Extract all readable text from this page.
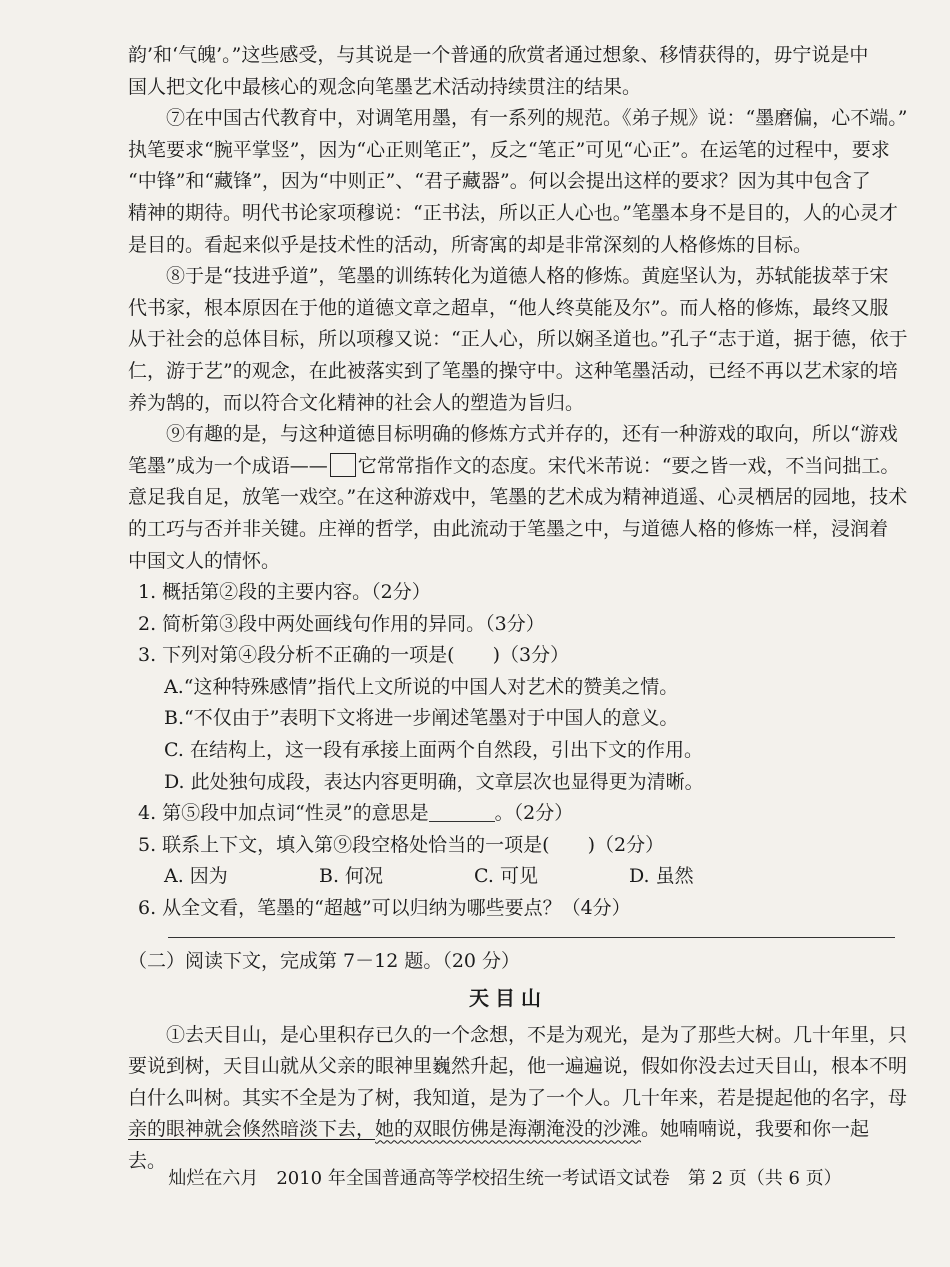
韵’和‘气魄’。”这些感受，与其说是一个普通的欣赏者通过想象、移情获得的，毋宁说是中
国人把文化中最核心的观念向笔墨艺术活动持续贯注的结果。
⑦在中国古代教育中，对调笔用墨，有一系列的规范。《弟子规》说：“墨磨偏，心不端。”
执笔要求“腕平掌竖”，因为“心正则笔正”，反之“笔正”可见“心正”。在运笔的过程中，要求
“中锋”和“藏锋”，因为“中则正”、“君子藏器”。何以会提出这样的要求？因为其中包含了
精神的期待。明代书论家项穆说：“正书法，所以正人心也。”笔墨本身不是目的，人的心灵才
是目的。看起来似乎是技术性的活动，所寄寓的却是非常深刻的人格修炼的目标。
⑧于是“技进乎道”，笔墨的训练转化为道德人格的修炼。黄庭坚认为，苏轼能拔萃于宋
代书家，根本原因在于他的道德文章之超卓，“他人终莫能及尔”。而人格的修炼，最终又服
从于社会的总体目标，所以项穆又说：“正人心，所以娴圣道也。”孔子“志于道，据于德，依于
仁，游于艺”的观念，在此被落实到了笔墨的操守中。这种笔墨活动，已经不再以艺术家的培
养为鹄的，而以符合文化精神的社会人的塑造为旨归。
⑨有趣的是，与这种道德目标明确的修炼方式并存的，还有一种游戏的取向，所以“游戏
笔墨”成为一个成语—— 它常常指作文的态度。宋代米芾说：“要之皆一戏，不当问拙工。
意足我自足，放笔一戏空。”在这种游戏中，笔墨的艺术成为精神逍遥、心灵栖居的园地，技术
的工巧与否并非关键。庄禅的哲学，由此流动于笔墨之中，与道德人格的修炼一样，浸润着
中国文人的情怀。
1. 概括第②段的主要内容。（2分）
2. 简析第③段中两处画线句作用的异同。（3分）
3. 下列对第④段分析不正确的一项是(　　)（3分）
A.“这种特殊感情”指代上文所说的中国人对艺术的赞美之情。
B.“不仅由于”表明下文将进一步阐述笔墨对于中国人的意义。
C. 在结构上，这一段有承接上面两个自然段，引出下文的作用。
D. 此处独句成段，表达内容更明确，文章层次也显得更为清晰。
4. 第⑤段中加点词“性灵”的意思是	。（2分）
5. 联系上下文，填入第⑨段空格处恰当的一项是(　　)（2分）
A. 因为	B. 何况	C. 可见	D. 虽然
6. 从全文看，笔墨的“超越”可以归纳为哪些要点？（4分）
（二）阅读下文，完成第 7－12 题。（20 分）
天目山
①去天目山，是心里积存已久的一个念想，不是为观光，是为了那些大树。几十年里，只
要说到树，天目山就从父亲的眼神里巍然升起，他一遍遍说，假如你没去过天目山，根本不明
白什么叫树。其实不全是为了树，我知道，是为了一个人。几十年来，若是提起他的名字，母
亲的眼神就会倏然暗淡下去，她的双眼仿佛是海潮淹没的沙滩。她喃喃说，我要和你一起
去。
灿烂在六月　2010 年全国普通高等学校招生统一考试语文试卷　第 2 页（共 6 页）
